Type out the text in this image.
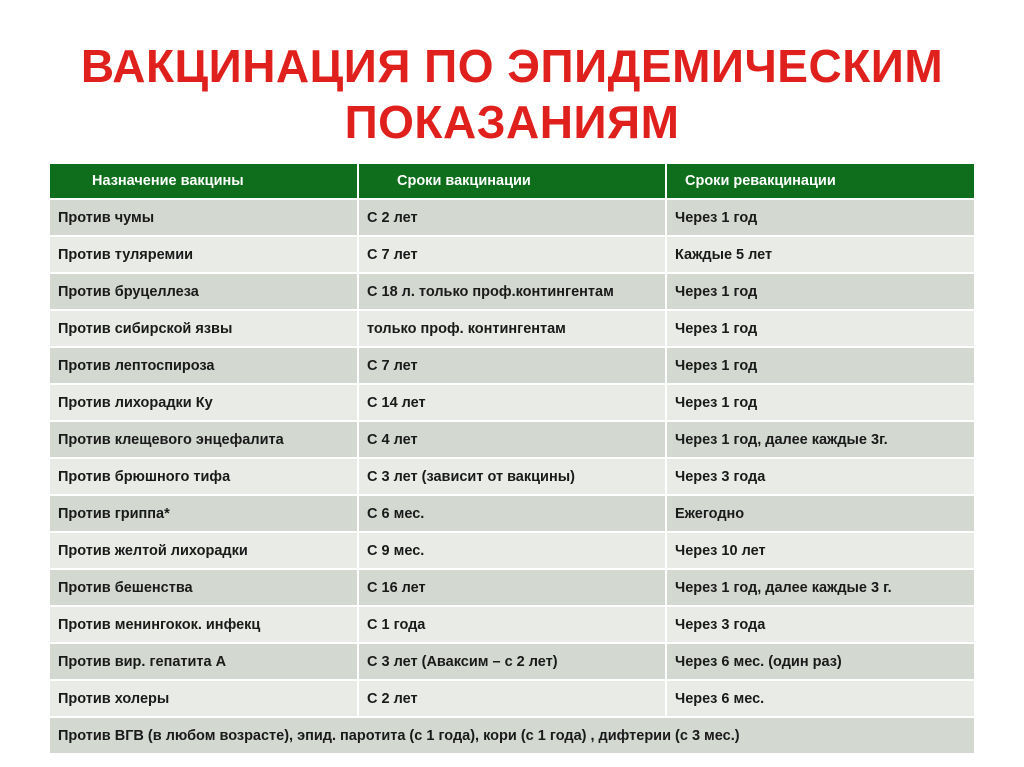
ВАКЦИНАЦИЯ ПО ЭПИДЕМИЧЕСКИМ
ПОКАЗАНИЯМ
Назначение вакцины	Сроки вакцинации	Сроки ревакцинации

Против чумы	С 2 лет	Через 1 год
Против туляремии	С 7 лет	Каждые 5 лет
Против бруцеллеза	С 18 л. только проф.контингентам	Через 1 год
Против сибирской язвы	только проф. контингентам	Через 1 год
Против лептоспироза	С 7 лет	Через 1 год
Против лихорадки Ку	С 14 лет	Через 1 год
Против клещевого энцефалита	С 4 лет	Через 1 год, далее каждые 3г.
Против брюшного тифа	С 3 лет (зависит от вакцины)	Через 3 года
Против гриппа*	С 6 мес.	Ежегодно
Против желтой лихорадки	С 9 мес.	Через 10 лет
Против бешенства	С 16 лет	Через 1 год, далее каждые 3 г.
Против менингокок. инфекц	С 1 года	Через 3 года
Против вир. гепатита А	С 3 лет (Аваксим – с 2 лет)	Через 6 мес. (один раз)
Против холеры	С 2 лет	Через 6 мес.
Против ВГВ (в любом возрасте), эпид. паротита (с 1 года), кори (с 1 года) , дифтерии (с 3 мес.)		
